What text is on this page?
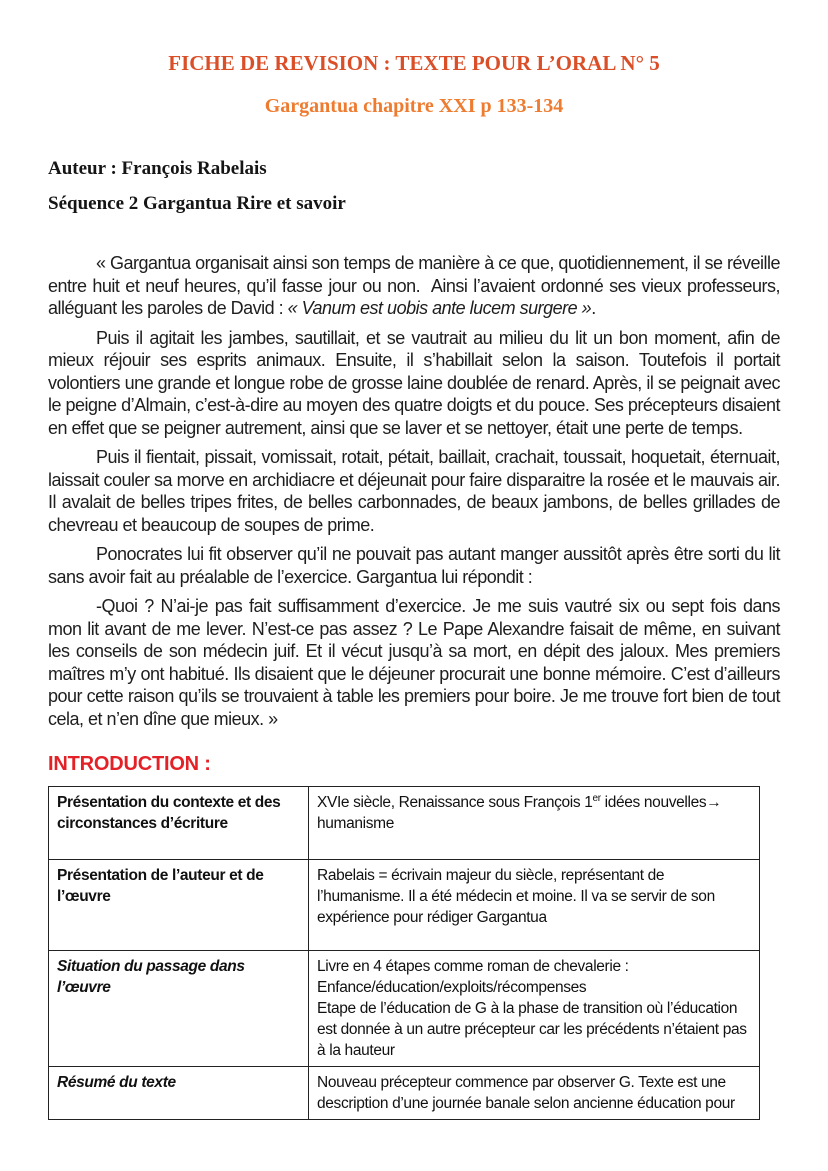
FICHE DE REVISION : TEXTE POUR L’ORAL N° 5
Gargantua chapitre XXI p 133-134

Auteur : François Rabelais

Séquence 2 Gargantua Rire et savoir

« Gargantua organisait ainsi son temps de manière à ce que, quotidiennement, il se réveille entre huit et neuf heures, qu’il fasse jour ou non.  Ainsi l’avaient ordonné ses vieux professeurs, alléguant les paroles de David : « Vanum est uobis ante lucem surgere ».

Puis il agitait les jambes, sautillait, et se vautrait au milieu du lit un bon moment, afin de mieux réjouir ses esprits animaux. Ensuite, il s’habillait selon la saison. Toutefois il portait volontiers une grande et longue robe de grosse laine doublée de renard. Après, il se peignait avec le peigne d’Almain, c’est-à-dire au moyen des quatre doigts et du pouce. Ses précepteurs disaient en effet que se peigner autrement, ainsi que se laver et se nettoyer, était une perte de temps.

Puis il fientait, pissait, vomissait, rotait, pétait, baillait, crachait, toussait, hoquetait, éternuait, laissait couler sa morve en archidiacre et déjeunait pour faire disparaitre la rosée et le mauvais air. Il avalait de belles tripes frites, de belles carbonnades, de beaux jambons, de belles grillades de chevreau et beaucoup de soupes de prime.

Ponocrates lui fit observer qu’il ne pouvait pas autant manger aussitôt après être sorti du lit sans avoir fait au préalable de l’exercice. Gargantua lui répondit :

-Quoi ? N’ai-je pas fait suffisamment d’exercice. Je me suis vautré six ou sept fois dans mon lit avant de me lever. N’est-ce pas assez ? Le Pape Alexandre faisait de même, en suivant les conseils de son médecin juif. Et il vécut jusqu’à sa mort, en dépit des jaloux. Mes premiers maîtres m’y ont habitué. Ils disaient que le déjeuner procurait une bonne mémoire. C’est d’ailleurs pour cette raison qu’ils se trouvaient à table les premiers pour boire. Je me trouve fort bien de tout cela, et n’en dîne que mieux. »

INTRODUCTION :
Présentation du contexte et des circonstances d’écriture	XVIe siècle, Renaissance sous François 1er idées nouvelles→ humanisme
Présentation de l’auteur et de l’œuvre	Rabelais = écrivain majeur du siècle, représentant de l’humanisme. Il a été médecin et moine. Il va se servir de son expérience pour rédiger Gargantua
Situation du passage dans l’œuvre	Livre en 4 étapes comme roman de chevalerie :
Enfance/éducation/exploits/récompenses
Etape de l’éducation de G à la phase de transition où l’éducation est donnée à un autre précepteur car les précédents n’étaient pas à la hauteur

Résumé du texte	Nouveau précepteur commence par observer G. Texte est une description d’une journée banale selon ancienne éducation pour
